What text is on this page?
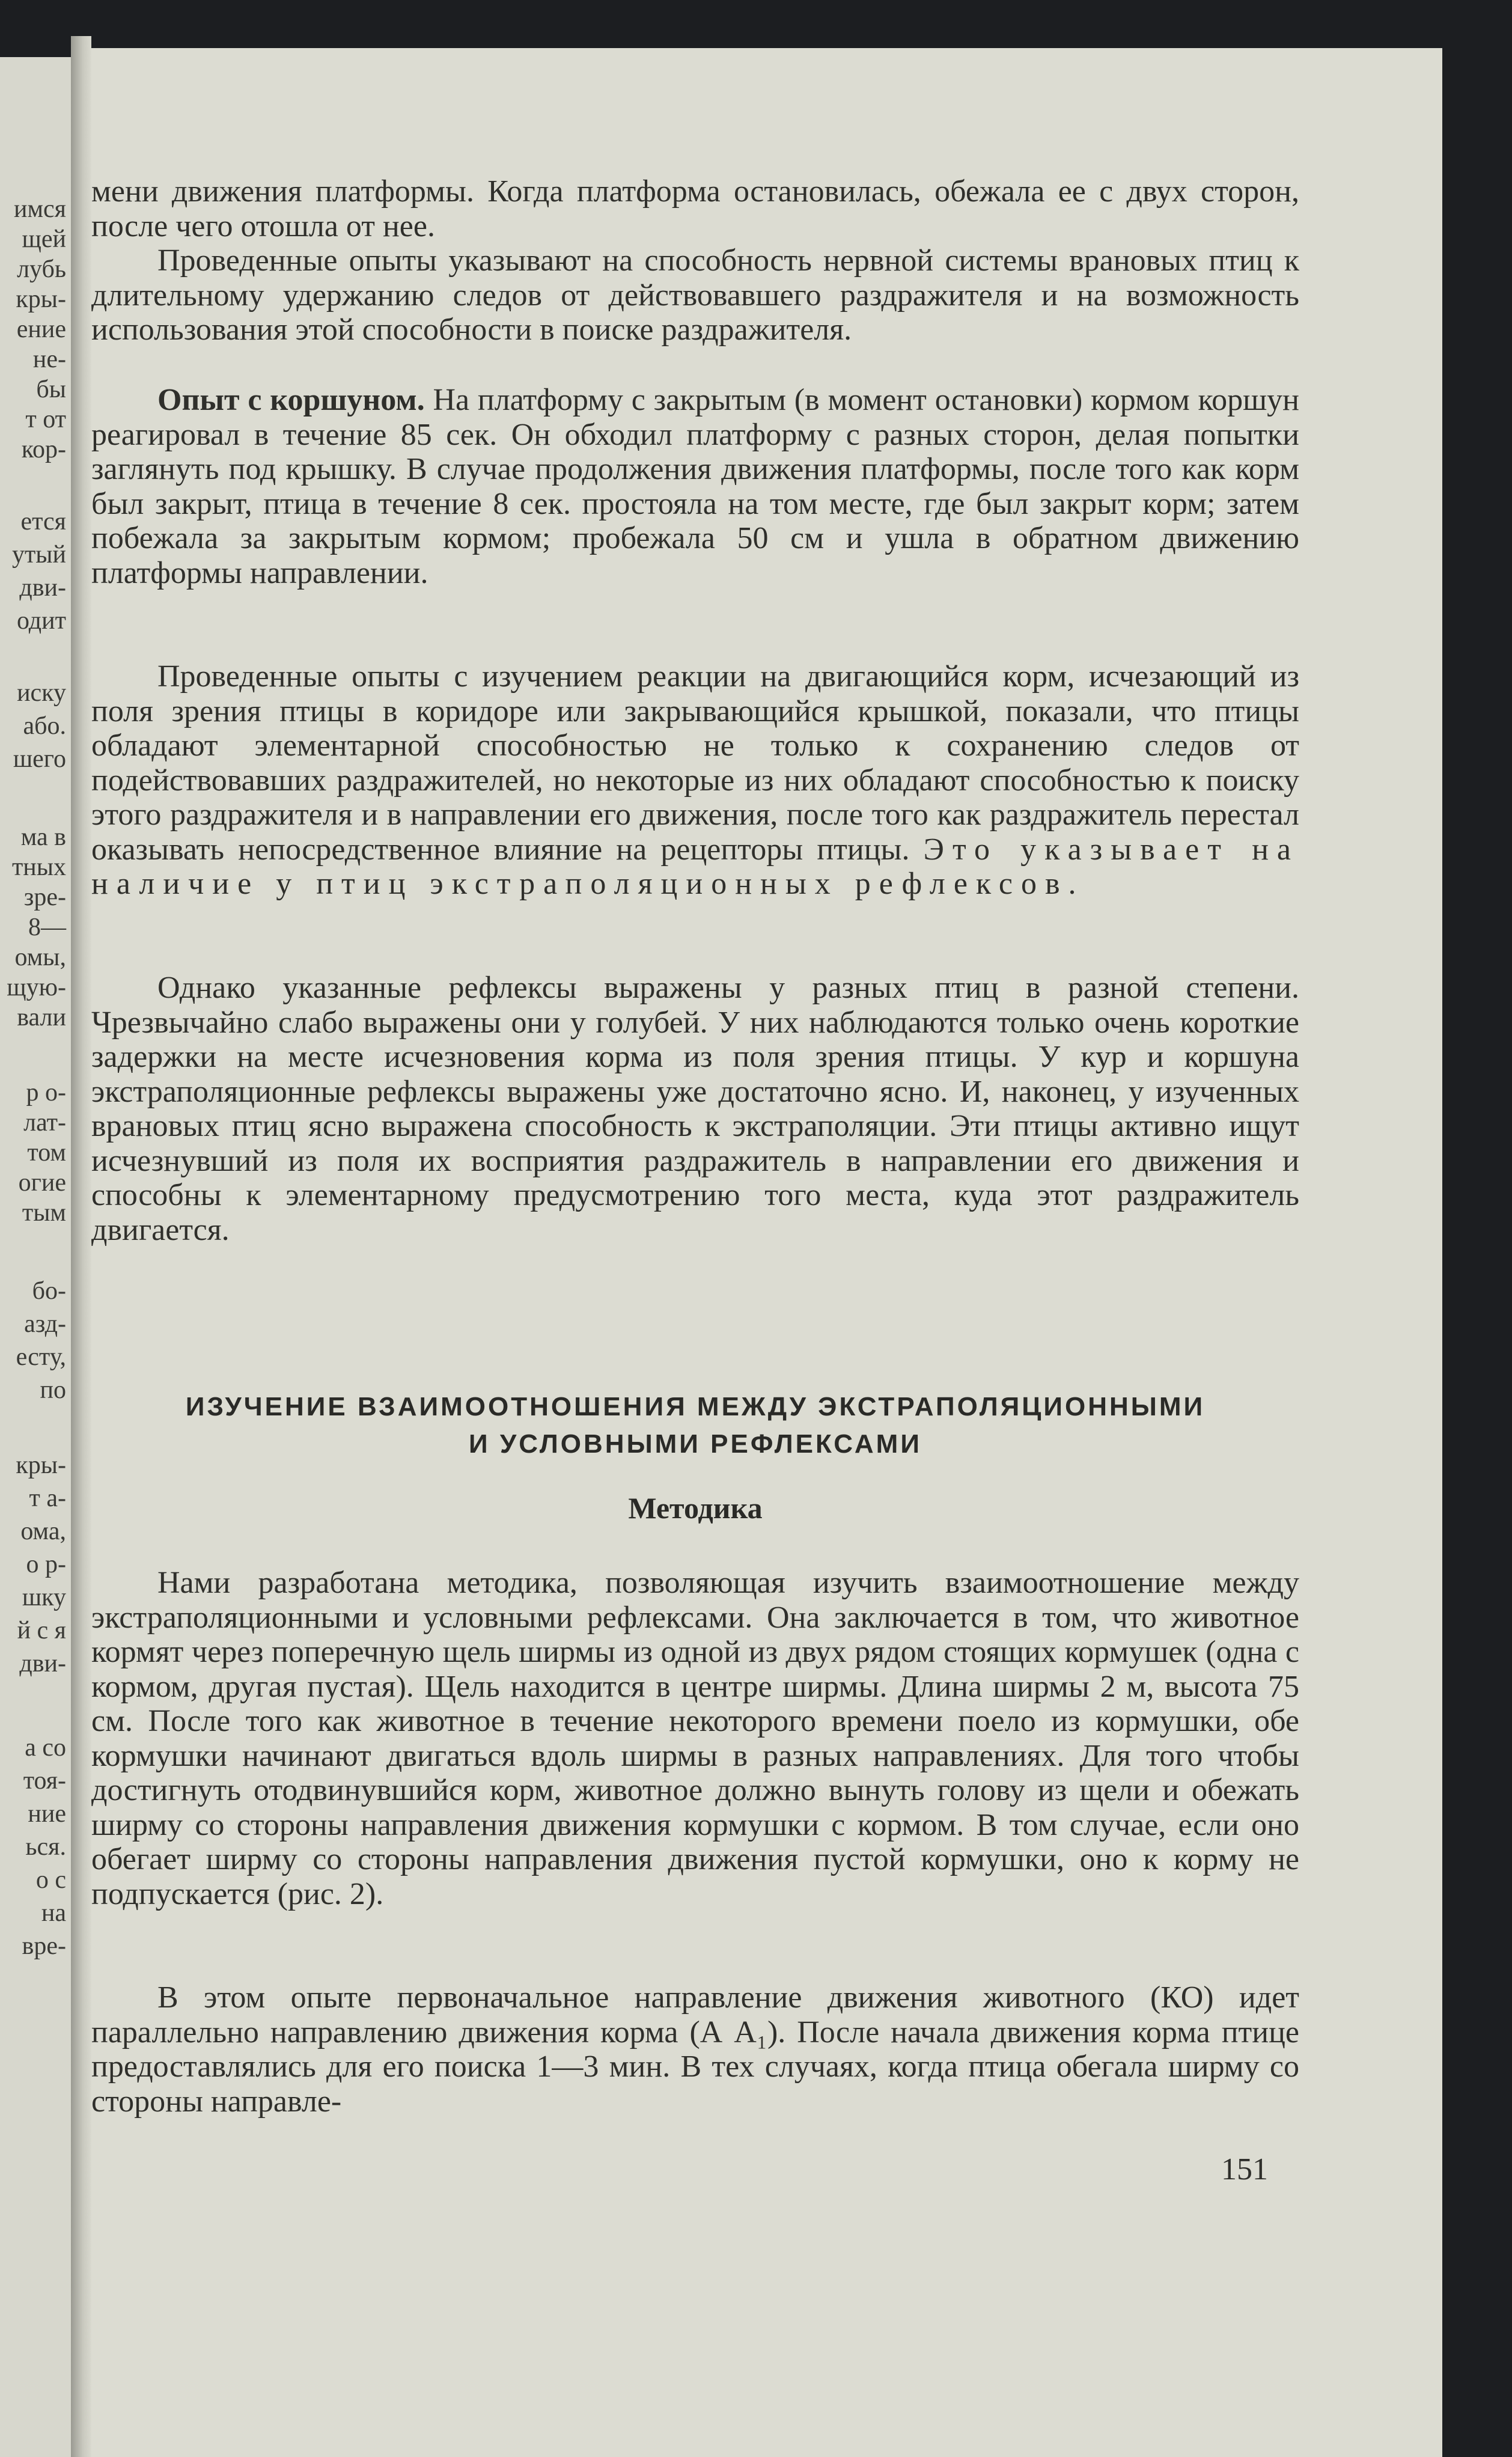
имся
щей
лубь
кры-
ение
не-
бы
т от
кор-
ется
утый
дви-
одит
иску
або.
шего
ма в
тных
зре-
8—
омы,
щую-
вали
р о-
лат-
том
огие
тым
бо-
азд-
есту,
по
кры-
т а-
ома,
о р-
шку
й с я
дви-
а со
тоя-
ние
ься.
о с
на
вре-

мени движения платформы. Когда платформа остановилась, обежала ее с двух сторон, после чего отошла от нее.

Проведенные опыты указывают на способность нервной системы врановых птиц к длительному удержанию следов от действовавшего раздражителя и на возможность использования этой способности в поиске раздражителя.

Опыт с коршуном. На платформу с закрытым (в момент остановки) кормом коршун реагировал в течение 85 сек. Он обходил платформу с разных сторон, делая попытки заглянуть под крышку. В случае продолжения движения платформы, после того как корм был закрыт, птица в течение 8 сек. простояла на том месте, где был закрыт корм; затем побежала за закрытым кормом; пробежала 50 см и ушла в обратном движению платформы направлении.

Проведенные опыты с изучением реакции на двигающийся корм, исчезающий из поля зрения птицы в коридоре или закрывающийся крышкой, показали, что птицы обладают элементарной способностью не только к сохранению следов от подействовавших раздражителей, но некоторые из них обладают способностью к поиску этого раздражителя и в направлении его движения, после того как раздражитель перестал оказывать непосредственное влияние на рецепторы птицы. Это указывает на наличие у птиц экстраполяционных рефлексов.

Однако указанные рефлексы выражены у разных птиц в разной степени. Чрезвычайно слабо выражены они у голубей. У них наблюдаются только очень короткие задержки на месте исчезновения корма из поля зрения птицы. У кур и коршуна экстраполяционные рефлексы выражены уже достаточно ясно. И, наконец, у изученных врановых птиц ясно выражена способность к экстраполяции. Эти птицы активно ищут исчезнувший из поля их восприятия раздражитель в направлении его движения и способны к элементарному предусмотрению того места, куда этот раздражитель двигается.

ИЗУЧЕНИЕ ВЗАИМООТНОШЕНИЯ МЕЖДУ ЭКСТРАПОЛЯЦИОННЫМИ
И УСЛОВНЫМИ РЕФЛЕКСАМИ
Методика

Нами разработана методика, позволяющая изучить взаимоотношение между экстраполяционными и условными рефлексами. Она заключается в том, что животное кормят через поперечную щель ширмы из одной из двух рядом стоящих кормушек (одна с кормом, другая пустая). Щель находится в центре ширмы. Длина ширмы 2 м, высота 75 см. После того как животное в течение некоторого времени поело из кормушки, обе кормушки начинают двигаться вдоль ширмы в разных направлениях. Для того чтобы достигнуть отодвинувшийся корм, животное должно вынуть голову из щели и обежать ширму со стороны направления движения кормушки с кормом. В том случае, если оно обегает ширму со стороны направления движения пустой кормушки, оно к корму не подпускается (рис. 2).

В этом опыте первоначальное направление движения животного (КО) идет параллельно направлению движения корма (А А₁). После начала движения корма птице предоставлялись для его поиска 1—3 мин. В тех случаях, когда птица обегала ширму со стороны направле-

151
